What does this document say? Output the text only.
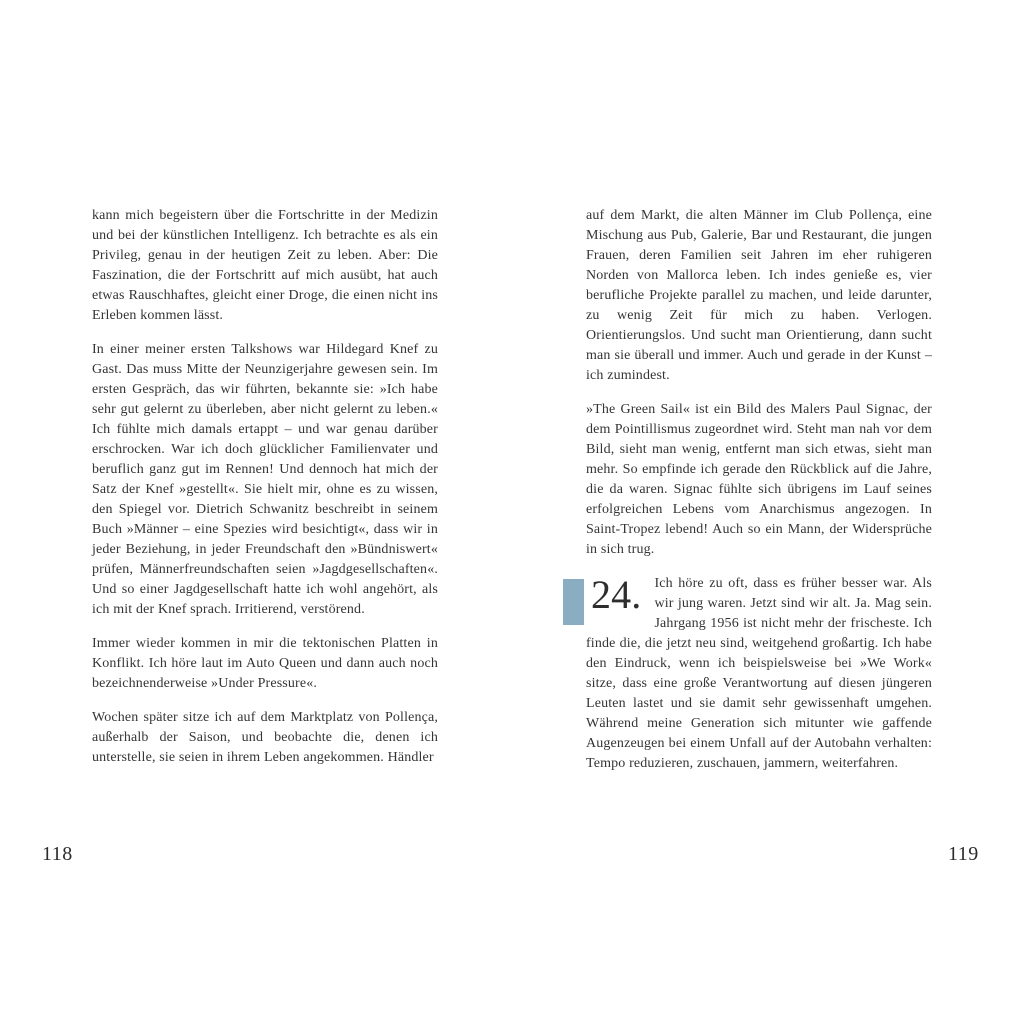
kann mich begeistern über die Fortschritte in der Medizin und bei der künstlichen Intelligenz. Ich betrachte es als ein Privileg, genau in der heutigen Zeit zu leben. Aber: Die Faszination, die der Fortschritt auf mich ausübt, hat auch etwas Rauschhaftes, gleicht einer Droge, die einen nicht ins Erleben kommen lässt.

In einer meiner ersten Talkshows war Hildegard Knef zu Gast. Das muss Mitte der Neunzigerjahre gewesen sein. Im ersten Gespräch, das wir führten, bekannte sie: »Ich habe sehr gut gelernt zu überleben, aber nicht gelernt zu leben.« Ich fühlte mich damals ertappt – und war genau darüber erschrocken. War ich doch glücklicher Familienvater und beruflich ganz gut im Rennen! Und dennoch hat mich der Satz der Knef »gestellt«. Sie hielt mir, ohne es zu wissen, den Spiegel vor. Dietrich Schwanitz beschreibt in seinem Buch »Männer – eine Spezies wird besichtigt«, dass wir in jeder Beziehung, in jeder Freundschaft den »Bündniswert« prüfen, Männerfreundschaften seien »Jagdgesellschaften«. Und so einer Jagdgesellschaft hatte ich wohl angehört, als ich mit der Knef sprach. Irritierend, verstörend.

Immer wieder kommen in mir die tektonischen Platten in Konflikt. Ich höre laut im Auto Queen und dann auch noch bezeichnenderweise »Under Pressure«.

Wochen später sitze ich auf dem Marktplatz von Pollença, außerhalb der Saison, und beobachte die, denen ich unterstelle, sie seien in ihrem Leben angekommen. Händler

auf dem Markt, die alten Männer im Club Pollença, eine Mischung aus Pub, Galerie, Bar und Restaurant, die jungen Frauen, deren Familien seit Jahren im eher ruhigeren Norden von Mallorca leben. Ich indes genieße es, vier berufliche Projekte parallel zu machen, und leide darunter, zu wenig Zeit für mich zu haben. Verlogen. Orientierungslos. Und sucht man Orientierung, dann sucht man sie überall und immer. Auch und gerade in der Kunst – ich zumindest.

»The Green Sail« ist ein Bild des Malers Paul Signac, der dem Pointillismus zugeordnet wird. Steht man nah vor dem Bild, sieht man wenig, entfernt man sich etwas, sieht man mehr. So empfinde ich gerade den Rückblick auf die Jahre, die da waren. Signac fühlte sich übrigens im Lauf seines erfolgreichen Lebens vom Anarchismus angezogen. In Saint-Tropez lebend! Auch so ein Mann, der Widersprüche in sich trug.

24. Ich höre zu oft, dass es früher besser war. Als wir jung waren. Jetzt sind wir alt. Ja. Mag sein. Jahrgang 1956 ist nicht mehr der frischeste. Ich finde die, die jetzt neu sind, weitgehend großartig. Ich habe den Eindruck, wenn ich beispielsweise bei »We Work« sitze, dass eine große Verantwortung auf diesen jüngeren Leuten lastet und sie damit sehr gewissenhaft umgehen. Während meine Generation sich mitunter wie gaffende Augenzeugen bei einem Unfall auf der Autobahn verhalten: Tempo reduzieren, zuschauen, jammern, weiterfahren.

118	119
